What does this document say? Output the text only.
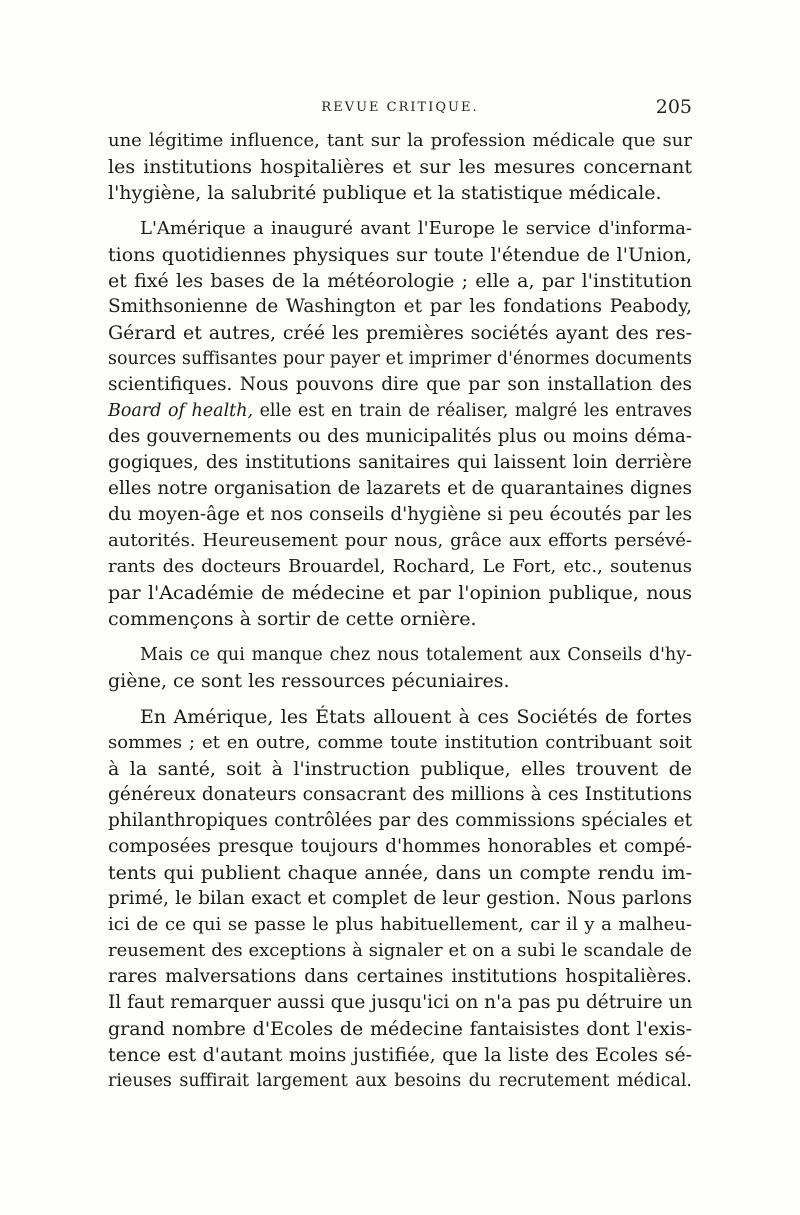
REVUE CRITIQUE.	205

une légitime influence, tant sur la profession médicale que sur
les institutions hospitalières et sur les mesures concernant
l'hygiène, la salubrité publique et la statistique médicale.

L'Amérique a inauguré avant l'Europe le service d'informa-
tions quotidiennes physiques sur toute l'étendue de l'Union,
et fixé les bases de la météorologie ; elle a, par l'institution
Smithsonienne de Washington et par les fondations Peabody,
Gérard et autres, créé les premières sociétés ayant des res-
sources suffisantes pour payer et imprimer d'énormes documents
scientifiques. Nous pouvons dire que par son installation des
Board of health, elle est en train de réaliser, malgré les entraves
des gouvernements ou des municipalités plus ou moins déma-
gogiques, des institutions sanitaires qui laissent loin derrière
elles notre organisation de lazarets et de quarantaines dignes
du moyen-âge et nos conseils d'hygiène si peu écoutés par les
autorités. Heureusement pour nous, grâce aux efforts persévé-
rants des docteurs Brouardel, Rochard, Le Fort, etc., soutenus
par l'Académie de médecine et par l'opinion publique, nous
commençons à sortir de cette ornière.

Mais ce qui manque chez nous totalement aux Conseils d'hy-
giène, ce sont les ressources pécuniaires.

En Amérique, les États allouent à ces Sociétés de fortes
sommes ; et en outre, comme toute institution contribuant soit
à la santé, soit à l'instruction publique, elles trouvent de
généreux donateurs consacrant des millions à ces Institutions
philanthropiques contrôlées par des commissions spéciales et
composées presque toujours d'hommes honorables et compé-
tents qui publient chaque année, dans un compte rendu im-
primé, le bilan exact et complet de leur gestion. Nous parlons
ici de ce qui se passe le plus habituellement, car il y a malheu-
reusement des exceptions à signaler et on a subi le scandale de
rares malversations dans certaines institutions hospitalières.
Il faut remarquer aussi que jusqu'ici on n'a pas pu détruire un
grand nombre d'Ecoles de médecine fantaisistes dont l'exis-
tence est d'autant moins justifiée, que la liste des Ecoles sé-
rieuses suffirait largement aux besoins du recrutement médical.
